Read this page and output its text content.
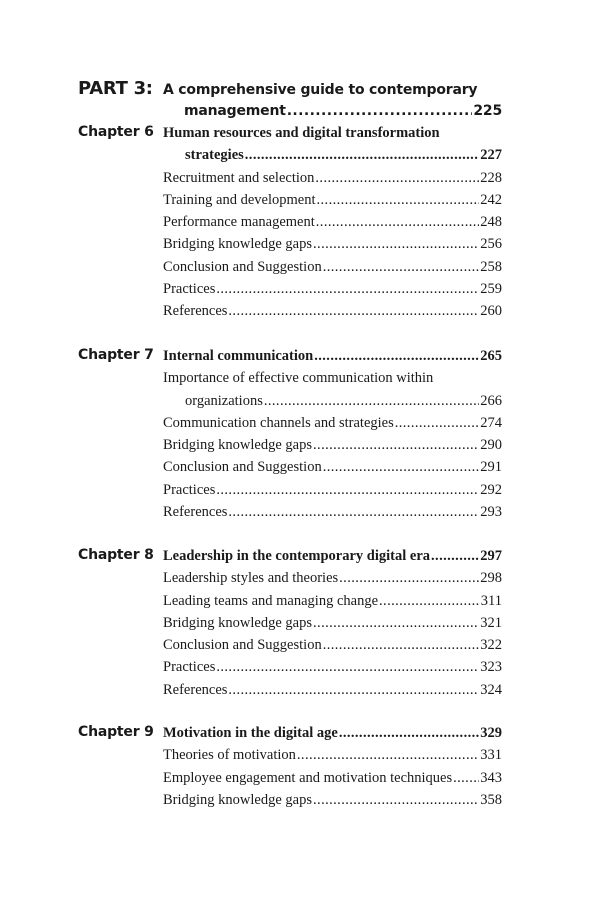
PART 3: A comprehensive guide to contemporary
management .....	225
Chapter 6 Human resources and digital transformation
strategies .....	227
Recruitment and selection .....	228
Training and development .....	242
Performance management .....	248
Bridging knowledge gaps .....	256
Conclusion and Suggestion .....	258
Practices .....	259
References .....	260
Chapter 7 Internal communication .....	265
Importance of effective communication within
organizations .....	266
Communication channels and strategies .....	274
Bridging knowledge gaps .....	290
Conclusion and Suggestion .....	291
Practices .....	292
References .....	293
Chapter 8 Leadership in the contemporary digital era .....	297
Leadership styles and theories .....	298
Leading teams and managing change .....	311
Bridging knowledge gaps .....	321
Conclusion and Suggestion .....	322
Practices .....	323
References .....	324
Chapter 9 Motivation in the digital age .....	329
Theories of motivation .....	331
Employee engagement and motivation techniques ..... 343
Bridging knowledge gaps .....	358
